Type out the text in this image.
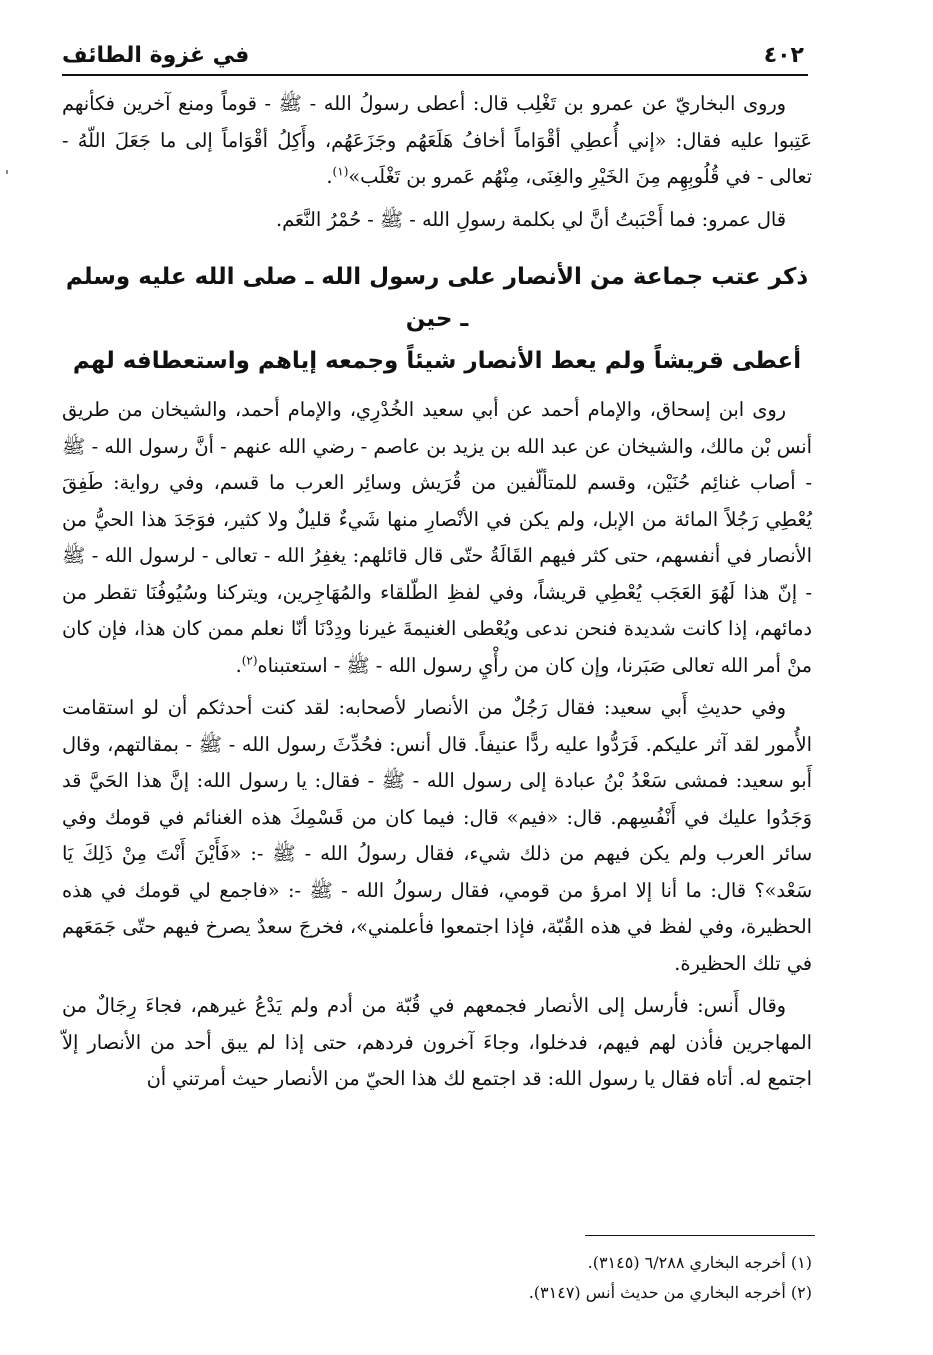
٤٠٢
في غزوة الطائف

وروى البخاريّ عن عمرو بن تَغْلِب قال: أعطى رسولُ الله - ﷺ - قوماً ومنع آخرين فكأنهم عَتِبوا عليه فقال: «إني أُعطِي أقْوَاماً أخافُ هَلَعَهُم وجَزَعَهُم، وأَكِلُ أقْوَاماً إلى ما جَعَلَ اللّهُ - تعالى - في قُلُوبِهِم مِنَ الخَيْرِ والغِنَى، مِنْهُم عَمرو بن تَغْلَب»$^{(١)}$.

قال عمرو: فما أَحْبَبتُ أنَّ لي بكلمة رسولِ الله - ﷺ - حُمْرُ النَّعَم.

ذكر عتب جماعة من الأنصار على رسول الله ـ صلى الله عليه وسلم ـ حين
أعطى قريشاً ولم يعط الأنصار شيئاً وجمعه إياهم واستعطافه لهم

روى ابن إسحاق، والإمام أحمد عن أبي سعيد الخُدْرِي، والإمام أحمد، والشيخان من طريق أنس بْن مالك، والشيخان عن عبد الله بن يزيد بن عاصم - رضي الله عنهم - أنَّ رسول الله - ﷺ - أصاب غنائِم حُنَيْن، وقسم للمتألّفين من قُرَيش وسائِر العرب ما قسم، وفي رواية: طَفِقَ يُعْطِي رَجُلاً المائة من الإبل، ولم يكن في الأنْصارِ منها شَيءٌ قليلٌ ولا كثير، فوَجَدَ هذا الحيُّ من الأنصار في أنفسهم، حتى كثر فيهم القَالَةُ حتّى قال قائلهم: يغفِرُ الله - تعالى - لرسول الله - ﷺ - إنّ هذا لَهُوَ العَجَب يُعْطِي قريشاً، وفي لفظِ الطّلقاء والمُهَاجِرين، ويتركنا وسُيُوفُنَا تقطر من دمائهم، إذا كانت شديدة فنحن ندعى ويُعْطى الغنيمةَ غيرنا ودِدْنَا أنّا نعلم ممن كان هذا، فإن كان منْ أمر الله تعالى صَبَرنا، وإن كان من رأْيِ رسول الله - ﷺ - استعتبناه$^{(٢)}$.

وفي حديثِ أَبي سعيد: فقال رَجُلٌ من الأنصار لأصحابه: لقد كنت أحدثكم أن لو استقامت الأُمور لقد آثر عليكم. فَرَدُّوا عليه ردًّا عنيفاً. قال أنس: فحُدِّثَ رسول الله - ﷺ - بمقالتهم، وقال أَبو سعيد: فمشى سَعْدُ بْنُ عبادة إلى رسول الله - ﷺ - فقال: يا رسول الله: إنَّ هذا الحَيَّ قد وَجَدُوا عليك في أَنْفُسِهم. قال: «فيم» قال: فيما كان من قَسْمِكَ هذه الغنائم في قومك وفي سائر العرب ولم يكن فيهم من ذلك شيء، فقال رسولُ الله - ﷺ -: «فَأَيْنَ أَنْتَ مِنْ ذَلِكَ يَا سَعْد»؟ قال: ما أنا إلا امرؤ من قومي، فقال رسولُ الله - ﷺ -: «فاجمع لي قومك في هذه الحظيرة، وفي لفظ في هذه القُبّة، فإذا اجتمعوا فأعلمني»، فخرجَ سعدٌ يصرخ فيهم حتّى جَمَعَهم في تلك الحظيرة.

وقال أَنس: فأرسل إلى الأنصار فجمعهم في قُبّة من أدم ولم يَدْعُ غيرهم، فجاءَ رِجَالٌ من المهاجرين فأذن لهم فيهم، فدخلوا، وجاءَ آخرون فردهم، حتى إذا لم يبق أحد من الأنصار إلاّ اجتمع له. أتاه فقال يا رسول الله: قد اجتمع لك هذا الحيّ من الأنصار حيث أمرتني أن

(١) أخرجه البخاري ٦/٢٨٨ (٣١٤٥).
(٢) أخرجه البخاري من حديث أنس (٣١٤٧).
